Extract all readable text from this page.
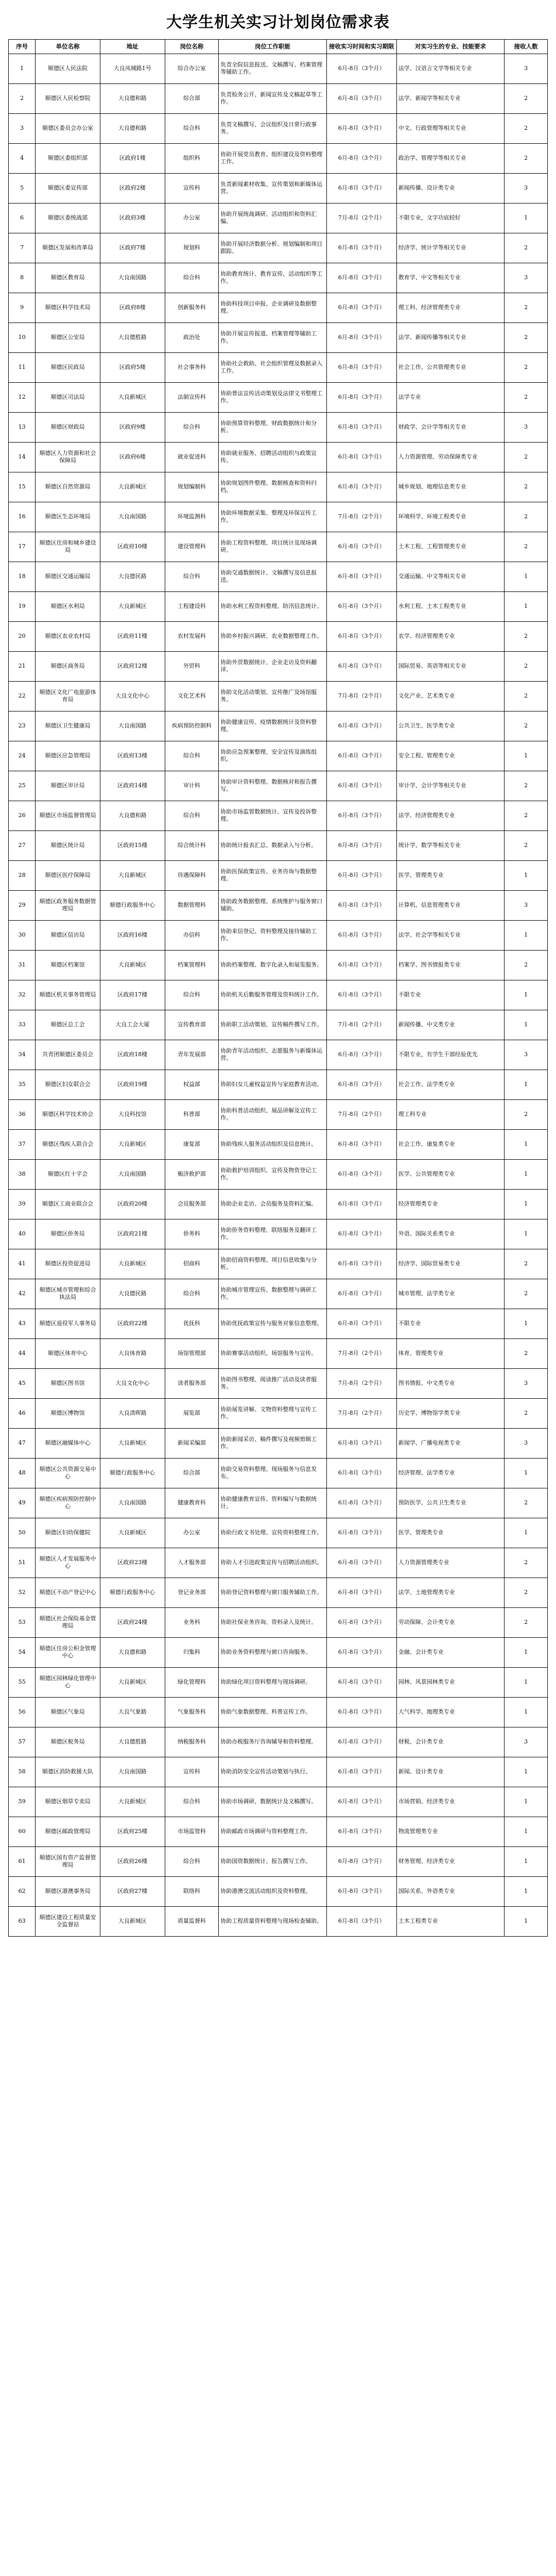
大学生机关实习计划岗位需求表
序号	单位名称	地址	岗位名称	岗位工作职能	接收实习时间和实习期限	对实习生的专业、技能要求	接收人数
1	顺德区人民法院	大良凤城路1号	综合办公室	负责全院信息报送、文稿撰写、档案管理等辅助工作。	6月-8月（3个月）	法学、汉语言文学等相关专业	3
2	顺德区人民检察院	大良德和路	综合部	负责检务公开、新闻宣传及文稿起草等工作。	6月-8月（3个月）	法学、新闻学等相关专业	2
3	顺德区委员会办公室	大良德和路	综合科	负责文稿撰写、会议组织及日常行政事务。	6月-8月（3个月）	中文、行政管理等相关专业	2
4	顺德区委组织部	区政府1楼	组织科	协助开展党员教育、组织建设及资料整理工作。	6月-8月（3个月）	政治学、管理学等相关专业	2
5	顺德区委宣传部	区政府2楼	宣传科	负责新闻素材收集、宣传策划和新媒体运营。	6月-8月（3个月）	新闻传播、设计类专业	3
6	顺德区委统战部	区政府3楼	办公室	协助开展统战调研、活动组织和资料汇编。	7月-8月（2个月）	不限专业，文字功底较好	1
7	顺德区发展和改革局	区政府7楼	规划科	协助开展经济数据分析、规划编制和项目跟踪。	6月-8月（3个月）	经济学、统计学等相关专业	2
8	顺德区教育局	大良南国路	综合科	协助教育统计、教育宣传、活动组织等工作。	6月-8月（3个月）	教育学、中文等相关专业	3
9	顺德区科学技术局	区政府8楼	创新服务科	协助科技项目申报、企业调研及数据整理。	6月-8月（3个月）	理工科、经济管理类专业	2
10	顺德区公安局	大良德胜路	政治处	协助开展宣传报道、档案管理等辅助工作。	6月-8月（3个月）	法学、新闻传播等相关专业	2
11	顺德区民政局	区政府5楼	社会事务科	协助社会救助、社会组织管理及数据录入工作。	6月-8月（3个月）	社会工作、公共管理类专业	2
12	顺德区司法局	大良新城区	法制宣传科	协助普法宣传活动策划及法律文书整理工作。	6月-8月（3个月）	法学专业	2
13	顺德区财政局	区政府9楼	综合科	协助预算资料整理、财政数据统计和分析。	6月-8月（3个月）	财政学、会计学等相关专业	3
14	顺德区人力资源和社会保障局	区政府6楼	就业促进科	协助就业服务、招聘活动组织与政策宣传。	6月-8月（3个月）	人力资源管理、劳动保障类专业	2
15	顺德区自然资源局	大良新城区	规划编制科	协助规划图件整理、数据核查和资料归档。	6月-8月（3个月）	城乡规划、地理信息类专业	2
16	顺德区生态环境局	大良南国路	环境监测科	协助环境数据采集、整理及环保宣传工作。	7月-8月（2个月）	环境科学、环境工程类专业	2
17	顺德区住房和城乡建设局	区政府10楼	建设管理科	协助工程资料整理、项目统计及现场调研。	6月-8月（3个月）	土木工程、工程管理类专业	2
18	顺德区交通运输局	大良德民路	综合科	协助交通数据统计、文稿撰写及信息报送。	6月-8月（3个月）	交通运输、中文等相关专业	1
19	顺德区水利局	大良新城区	工程建设科	协助水利工程资料整理、防汛信息统计。	6月-8月（3个月）	水利工程、土木工程类专业	1
20	顺德区农业农村局	区政府11楼	农村发展科	协助乡村振兴调研、农业数据整理工作。	6月-8月（3个月）	农学、经济管理类专业	2
21	顺德区商务局	区政府12楼	外贸科	协助外贸数据统计、企业走访及资料翻译。	6月-8月（3个月）	国际贸易、英语等相关专业	2
22	顺德区文化广电旅游体育局	大良文化中心	文化艺术科	协助文化活动策划、宣传推广及场馆服务。	7月-8月（2个月）	文化产业、艺术类专业	2
23	顺德区卫生健康局	大良南国路	疾病预防控制科	协助健康宣传、疫情数据统计及资料整理。	6月-8月（3个月）	公共卫生、医学类专业	2
24	顺德区应急管理局	区政府13楼	综合科	协助应急预案整理、安全宣传及演练组织。	6月-8月（3个月）	安全工程、管理类专业	1
25	顺德区审计局	区政府14楼	审计科	协助审计资料整理、数据核对和报告撰写。	6月-8月（3个月）	审计学、会计学等相关专业	2
26	顺德区市场监督管理局	大良德和路	综合科	协助市场监管数据统计、宣传及投诉整理。	6月-8月（3个月）	法学、经济管理类专业	2
27	顺德区统计局	区政府15楼	综合统计科	协助统计报表汇总、数据录入与分析。	6月-8月（3个月）	统计学、数学等相关专业	2
28	顺德区医疗保障局	大良新城区	待遇保障科	协助医保政策宣传、业务咨询与数据整理。	6月-8月（3个月）	医学、管理类专业	1
29	顺德区政务服务数据管理局	顺德行政服务中心	数据管理科	协助政务数据整理、系统维护与服务窗口辅助。	6月-8月（3个月）	计算机、信息管理类专业	3
30	顺德区信访局	区政府16楼	办信科	协助来信登记、资料整理及接待辅助工作。	6月-8月（3个月）	法学、社会学等相关专业	1
31	顺德区档案馆	大良新城区	档案管理科	协助档案整理、数字化录入和展览服务。	6月-8月（3个月）	档案学、图书情报类专业	2
32	顺德区机关事务管理局	区政府17楼	综合科	协助机关后勤服务管理及资料统计工作。	6月-8月（3个月）	不限专业	1
33	顺德区总工会	大良工会大厦	宣传教育部	协助职工活动策划、宣传稿件撰写工作。	7月-8月（2个月）	新闻传播、中文类专业	1
34	共青团顺德区委员会	区政府18楼	青年发展部	协助青年活动组织、志愿服务与新媒体运营。	6月-8月（3个月）	不限专业，有学生干部经验优先	3
35	顺德区妇女联合会	区政府19楼	权益部	协助妇女儿童权益宣传与家庭教育活动。	6月-8月（3个月）	社会工作、法学类专业	1
36	顺德区科学技术协会	大良科技馆	科普部	协助科普活动组织、展品讲解及宣传工作。	7月-8月（2个月）	理工科专业	2
37	顺德区残疾人联合会	大良新城区	康复部	协助残疾人服务活动组织及信息统计。	6月-8月（3个月）	社会工作、康复类专业	1
38	顺德区红十字会	大良南国路	赈济救护部	协助救护培训组织、宣传及物资登记工作。	6月-8月（3个月）	医学、公共管理类专业	1
39	顺德区工商业联合会	区政府20楼	会员服务部	协助企业走访、会员服务及资料汇编。	6月-8月（3个月）	经济管理类专业	1
40	顺德区侨务局	区政府21楼	侨务科	协助侨务资料整理、联络服务及翻译工作。	6月-8月（3个月）	外语、国际关系类专业	1
41	顺德区投资促进局	大良新城区	招商科	协助招商资料整理、项目信息收集与分析。	6月-8月（3个月）	经济学、国际贸易类专业	2
42	顺德区城市管理和综合执法局	大良德民路	综合科	协助城市管理宣传、数据整理与调研工作。	6月-8月（3个月）	城市管理、法学类专业	2
43	顺德区退役军人事务局	区政府22楼	优抚科	协助优抚政策宣传与服务对象信息整理。	6月-8月（3个月）	不限专业	1
44	顺德区体育中心	大良体育路	场馆管理部	协助赛事活动组织、场馆服务与宣传。	7月-8月（2个月）	体育、管理类专业	2
45	顺德区图书馆	大良文化中心	读者服务部	协助图书整理、阅读推广活动及读者服务。	7月-8月（2个月）	图书情报、中文类专业	3
46	顺德区博物馆	大良清晖路	展览部	协助展览讲解、文物资料整理与宣传工作。	7月-8月（2个月）	历史学、博物馆学类专业	2
47	顺德区融媒体中心	大良新城区	新闻采编部	协助新闻采访、稿件撰写及视频剪辑工作。	6月-8月（3个月）	新闻学、广播电视类专业	3
48	顺德区公共资源交易中心	顺德行政服务中心	综合部	协助交易资料整理、现场服务与信息发布。	6月-8月（3个月）	经济管理、法学类专业	1
49	顺德区疾病预防控制中心	大良南国路	健康教育科	协助健康教育宣传、资料编写与数据统计。	6月-8月（3个月）	预防医学、公共卫生类专业	2
50	顺德区妇幼保健院	大良新城区	办公室	协助行政文书处理、宣传资料整理工作。	6月-8月（3个月）	医学、管理类专业	1
51	顺德区人才发展服务中心	区政府23楼	人才服务部	协助人才引进政策宣传与招聘活动组织。	6月-8月（3个月）	人力资源管理类专业	2
52	顺德区不动产登记中心	顺德行政服务中心	登记业务部	协助登记资料整理与窗口服务辅助工作。	6月-8月（3个月）	法学、土地管理类专业	2
53	顺德区社会保险基金管理局	区政府24楼	业务科	协助社保业务咨询、资料录入及统计。	6月-8月（3个月）	劳动保障、会计类专业	2
54	顺德区住房公积金管理中心	大良德和路	归集科	协助业务资料整理与窗口咨询服务。	6月-8月（3个月）	金融、会计类专业	1
55	顺德区园林绿化管理中心	大良新城区	绿化管理科	协助绿化项目资料整理与现场调研。	6月-8月（3个月）	园林、风景园林类专业	1
56	顺德区气象局	大良气象路	气象服务科	协助气象数据整理、科普宣传工作。	6月-8月（3个月）	大气科学、地理类专业	1
57	顺德区税务局	大良德胜路	纳税服务科	协助办税服务厅咨询辅导和资料整理。	6月-8月（3个月）	财税、会计类专业	3
58	顺德区消防救援大队	大良南国路	宣传科	协助消防安全宣传活动策划与执行。	6月-8月（3个月）	新闻、设计类专业	1
59	顺德区烟草专卖局	大良新城区	综合科	协助市场调研、数据统计及文稿撰写。	6月-8月（3个月）	市场营销、经济类专业	1
60	顺德区邮政管理局	区政府25楼	市场监管科	协助邮政市场调研与资料整理工作。	6月-8月（3个月）	物流管理类专业	1
61	顺德区国有资产监督管理局	区政府26楼	综合科	协助国资数据统计、报告撰写工作。	6月-8月（3个月）	财务管理、经济类专业	1
62	顺德区港澳事务局	区政府27楼	联络科	协助港澳交流活动组织及资料整理。	6月-8月（3个月）	国际关系、外语类专业	1
63	顺德区建设工程质量安全监督站	大良新城区	质量监督科	协助工程质量资料整理与现场检查辅助。	6月-8月（3个月）	土木工程类专业	1
